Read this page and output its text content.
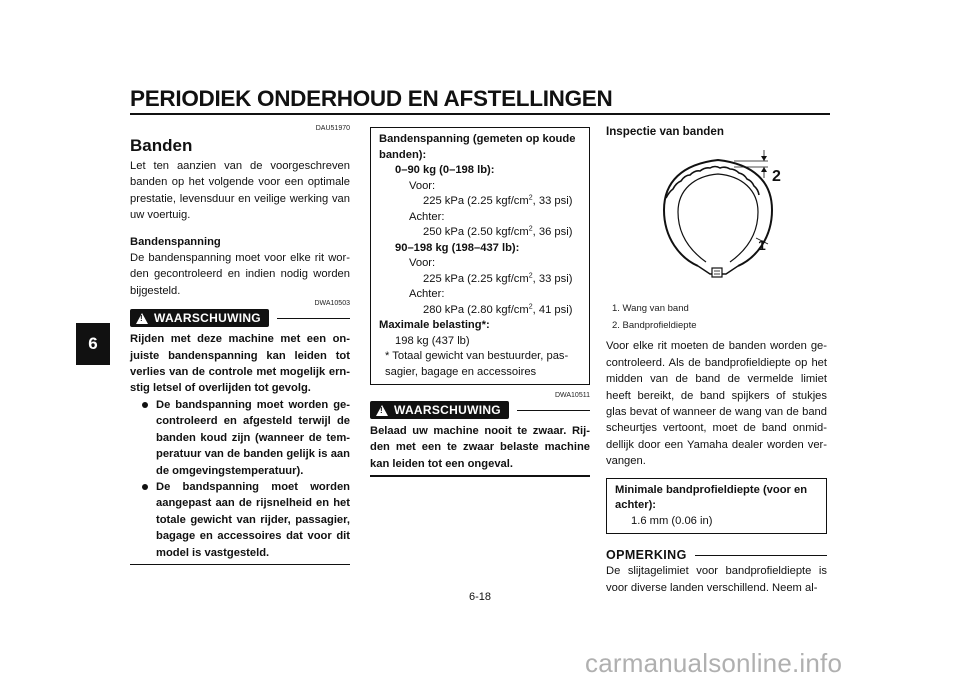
PERIODIEK ONDERHOUD EN AFSTELLINGEN
6
DAU51970
Banden
Let ten aanzien van de voorgeschreven banden op het volgende voor een optimale prestatie, levensduur en veilige werking van uw voertuig.
Bandenspanning
De bandenspanning moet voor elke rit wor-den gecontroleerd en indien nodig worden bijgesteld.
DWA10503
! WAARSCHUWING
Rijden met deze machine met een on-juiste bandenspanning kan leiden tot verlies van de controle met mogelijk ern-stig letsel of overlijden tot gevolg.
De bandspanning moet worden ge-controleerd en afgesteld terwijl de banden koud zijn (wanneer de tem-peratuur van de banden gelijk is aan de omgevingstemperatuur).
De bandspanning moet worden aangepast aan de rijsnelheid en het totale gewicht van rijder, passagier, bagage en accessoires dat voor dit model is vastgesteld.
Bandenspanning (gemeten op koude banden):
0–90 kg (0–198 lb):
Voor:
225 kPa (2.25 kgf/$cm^2$, 33 psi)
Achter:
250 kPa (2.50 kgf/$cm^2$, 36 psi)
90–198 kg (198–437 lb):
Voor:
225 kPa (2.25 kgf/$cm^2$, 33 psi)
Achter:
280 kPa (2.80 kgf/$cm^2$, 41 psi)
Maximale belasting*:
198 kg (437 lb)
* Totaal gewicht van bestuurder, pas-sagier, bagage en accessoires
DWA10511
! WAARSCHUWING
Belaad uw machine nooit te zwaar. Rij-den met een te zwaar belaste machine kan leiden tot een ongeval.
Inspectie van banden
2
1
1. Wang van band
2. Bandprofieldiepte
Voor elke rit moeten de banden worden ge-controleerd. Als de bandprofieldiepte op het midden van de band de vermelde limiet heeft bereikt, de band spijkers of stukjes glas bevat of wanneer de wang van de band scheurtjes vertoont, moet de band onmid-dellijk door een Yamaha dealer worden ver-vangen.
Minimale bandprofieldiepte (voor en achter):
1.6 mm (0.06 in)
OPMERKING
De slijtagelimiet voor bandprofieldiepte is voor diverse landen verschillend. Neem al-
6-18
carmanualsonline.info
